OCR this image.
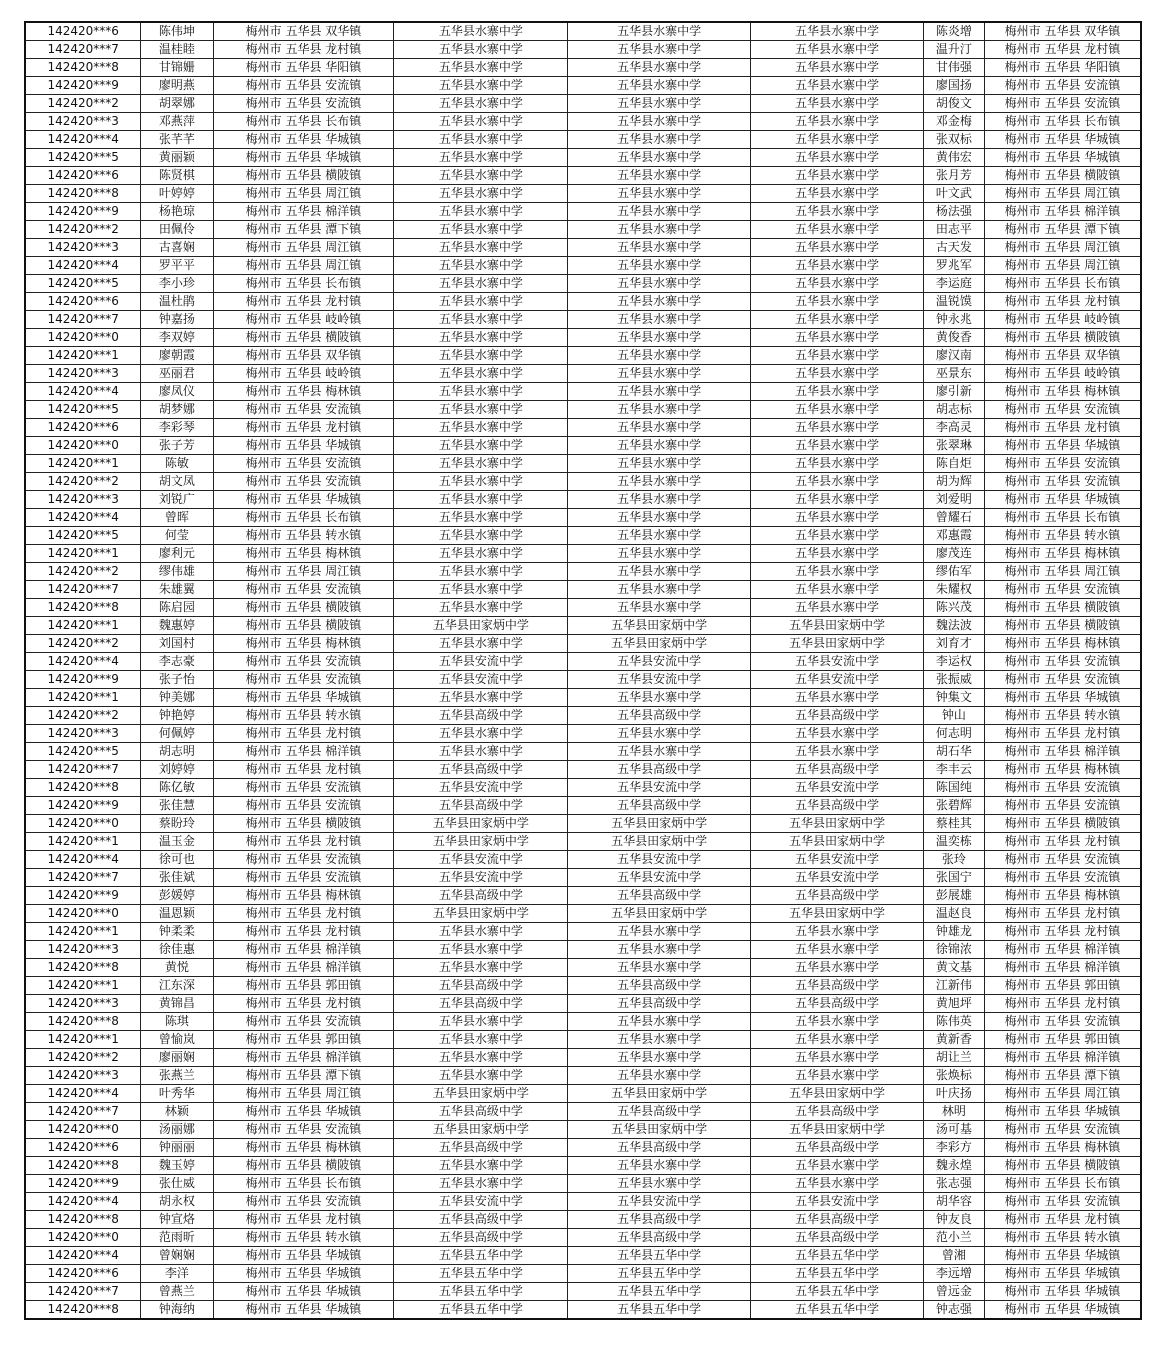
142420***6	陈伟坤	梅州市 五华县 双华镇	五华县水寨中学	五华县水寨中学	五华县水寨中学	陈炎增	梅州市 五华县 双华镇
142420***7	温桂睦	梅州市 五华县 龙村镇	五华县水寨中学	五华县水寨中学	五华县水寨中学	温升汀	梅州市 五华县 龙村镇
142420***8	甘锦姗	梅州市 五华县 华阳镇	五华县水寨中学	五华县水寨中学	五华县水寨中学	甘伟强	梅州市 五华县 华阳镇
142420***9	廖明燕	梅州市 五华县 安流镇	五华县水寨中学	五华县水寨中学	五华县水寨中学	廖国扬	梅州市 五华县 安流镇
142420***2	胡翠娜	梅州市 五华县 安流镇	五华县水寨中学	五华县水寨中学	五华县水寨中学	胡俊文	梅州市 五华县 安流镇
142420***3	邓燕萍	梅州市 五华县 长布镇	五华县水寨中学	五华县水寨中学	五华县水寨中学	邓金梅	梅州市 五华县 长布镇
142420***4	张芊芊	梅州市 五华县 华城镇	五华县水寨中学	五华县水寨中学	五华县水寨中学	张双标	梅州市 五华县 华城镇
142420***5	黄丽颖	梅州市 五华县 华城镇	五华县水寨中学	五华县水寨中学	五华县水寨中学	黄伟宏	梅州市 五华县 华城镇
142420***6	陈贤棋	梅州市 五华县 横陂镇	五华县水寨中学	五华县水寨中学	五华县水寨中学	张月芳	梅州市 五华县 横陂镇
142420***8	叶婷婷	梅州市 五华县 周江镇	五华县水寨中学	五华县水寨中学	五华县水寨中学	叶文武	梅州市 五华县 周江镇
142420***9	杨艳琼	梅州市 五华县 棉洋镇	五华县水寨中学	五华县水寨中学	五华县水寨中学	杨法强	梅州市 五华县 棉洋镇
142420***2	田佩伶	梅州市 五华县 潭下镇	五华县水寨中学	五华县水寨中学	五华县水寨中学	田志平	梅州市 五华县 潭下镇
142420***3	古喜娴	梅州市 五华县 周江镇	五华县水寨中学	五华县水寨中学	五华县水寨中学	古天发	梅州市 五华县 周江镇
142420***4	罗平平	梅州市 五华县 周江镇	五华县水寨中学	五华县水寨中学	五华县水寨中学	罗兆军	梅州市 五华县 周江镇
142420***5	李小珍	梅州市 五华县 长布镇	五华县水寨中学	五华县水寨中学	五华县水寨中学	李运庭	梅州市 五华县 长布镇
142420***6	温杜鹃	梅州市 五华县 龙村镇	五华县水寨中学	五华县水寨中学	五华县水寨中学	温锐馍	梅州市 五华县 龙村镇
142420***7	钟嘉扬	梅州市 五华县 岐岭镇	五华县水寨中学	五华县水寨中学	五华县水寨中学	钟永兆	梅州市 五华县 岐岭镇
142420***0	李双婷	梅州市 五华县 横陂镇	五华县水寨中学	五华县水寨中学	五华县水寨中学	黄俊香	梅州市 五华县 横陂镇
142420***1	廖朝霞	梅州市 五华县 双华镇	五华县水寨中学	五华县水寨中学	五华县水寨中学	廖汉南	梅州市 五华县 双华镇
142420***3	巫丽君	梅州市 五华县 岐岭镇	五华县水寨中学	五华县水寨中学	五华县水寨中学	巫景东	梅州市 五华县 岐岭镇
142420***4	廖凤仪	梅州市 五华县 梅林镇	五华县水寨中学	五华县水寨中学	五华县水寨中学	廖引新	梅州市 五华县 梅林镇
142420***5	胡梦娜	梅州市 五华县 安流镇	五华县水寨中学	五华县水寨中学	五华县水寨中学	胡志标	梅州市 五华县 安流镇
142420***6	李彩琴	梅州市 五华县 龙村镇	五华县水寨中学	五华县水寨中学	五华县水寨中学	李高灵	梅州市 五华县 龙村镇
142420***0	张子芳	梅州市 五华县 华城镇	五华县水寨中学	五华县水寨中学	五华县水寨中学	张翠琳	梅州市 五华县 华城镇
142420***1	陈敏	梅州市 五华县 安流镇	五华县水寨中学	五华县水寨中学	五华县水寨中学	陈自炬	梅州市 五华县 安流镇
142420***2	胡文凤	梅州市 五华县 安流镇	五华县水寨中学	五华县水寨中学	五华县水寨中学	胡为辉	梅州市 五华县 安流镇
142420***3	刘锐广	梅州市 五华县 华城镇	五华县水寨中学	五华县水寨中学	五华县水寨中学	刘爱明	梅州市 五华县 华城镇
142420***4	曾晖	梅州市 五华县 长布镇	五华县水寨中学	五华县水寨中学	五华县水寨中学	曾耀石	梅州市 五华县 长布镇
142420***5	何莹	梅州市 五华县 转水镇	五华县水寨中学	五华县水寨中学	五华县水寨中学	邓惠霞	梅州市 五华县 转水镇
142420***1	廖利元	梅州市 五华县 梅林镇	五华县水寨中学	五华县水寨中学	五华县水寨中学	廖茂连	梅州市 五华县 梅林镇
142420***2	缪伟雄	梅州市 五华县 周江镇	五华县水寨中学	五华县水寨中学	五华县水寨中学	缪佑军	梅州市 五华县 周江镇
142420***7	朱雄翼	梅州市 五华县 安流镇	五华县水寨中学	五华县水寨中学	五华县水寨中学	朱耀权	梅州市 五华县 安流镇
142420***8	陈启园	梅州市 五华县 横陂镇	五华县水寨中学	五华县水寨中学	五华县水寨中学	陈兴茂	梅州市 五华县 横陂镇
142420***1	魏惠婷	梅州市 五华县 横陂镇	五华县田家炳中学	五华县田家炳中学	五华县田家炳中学	魏法波	梅州市 五华县 横陂镇
142420***2	刘国村	梅州市 五华县 梅林镇	五华县水寨中学	五华县田家炳中学	五华县田家炳中学	刘育才	梅州市 五华县 梅林镇
142420***4	李志豪	梅州市 五华县 安流镇	五华县安流中学	五华县安流中学	五华县安流中学	李运权	梅州市 五华县 安流镇
142420***9	张子怡	梅州市 五华县 安流镇	五华县安流中学	五华县安流中学	五华县安流中学	张振威	梅州市 五华县 安流镇
142420***1	钟美娜	梅州市 五华县 华城镇	五华县水寨中学	五华县水寨中学	五华县水寨中学	钟集文	梅州市 五华县 华城镇
142420***2	钟艳婷	梅州市 五华县 转水镇	五华县高级中学	五华县高级中学	五华县高级中学	钟山	梅州市 五华县 转水镇
142420***3	何佩婷	梅州市 五华县 龙村镇	五华县水寨中学	五华县水寨中学	五华县水寨中学	何志明	梅州市 五华县 龙村镇
142420***5	胡志明	梅州市 五华县 棉洋镇	五华县水寨中学	五华县水寨中学	五华县水寨中学	胡石华	梅州市 五华县 棉洋镇
142420***7	刘婷婷	梅州市 五华县 龙村镇	五华县高级中学	五华县高级中学	五华县高级中学	李丰云	梅州市 五华县 梅林镇
142420***8	陈亿敏	梅州市 五华县 安流镇	五华县安流中学	五华县安流中学	五华县安流中学	陈国纯	梅州市 五华县 安流镇
142420***9	张佳慧	梅州市 五华县 安流镇	五华县高级中学	五华县高级中学	五华县高级中学	张碧辉	梅州市 五华县 安流镇
142420***0	蔡盼玲	梅州市 五华县 横陂镇	五华县田家炳中学	五华县田家炳中学	五华县田家炳中学	蔡桂其	梅州市 五华县 横陂镇
142420***1	温玉金	梅州市 五华县 龙村镇	五华县田家炳中学	五华县田家炳中学	五华县田家炳中学	温奕栋	梅州市 五华县 龙村镇
142420***4	徐可也	梅州市 五华县 安流镇	五华县安流中学	五华县安流中学	五华县安流中学	张玲	梅州市 五华县 安流镇
142420***7	张佳斌	梅州市 五华县 安流镇	五华县安流中学	五华县安流中学	五华县安流中学	张国宁	梅州市 五华县 安流镇
142420***9	彭媛婷	梅州市 五华县 梅林镇	五华县高级中学	五华县高级中学	五华县高级中学	彭展雄	梅州市 五华县 梅林镇
142420***0	温恩颖	梅州市 五华县 龙村镇	五华县田家炳中学	五华县田家炳中学	五华县田家炳中学	温赵良	梅州市 五华县 龙村镇
142420***1	钟柔柔	梅州市 五华县 龙村镇	五华县水寨中学	五华县水寨中学	五华县水寨中学	钟雄龙	梅州市 五华县 龙村镇
142420***3	徐佳惠	梅州市 五华县 棉洋镇	五华县水寨中学	五华县水寨中学	五华县水寨中学	徐锦浓	梅州市 五华县 棉洋镇
142420***8	黄悦	梅州市 五华县 棉洋镇	五华县水寨中学	五华县水寨中学	五华县水寨中学	黄文基	梅州市 五华县 棉洋镇
142420***1	江东深	梅州市 五华县 郭田镇	五华县高级中学	五华县高级中学	五华县高级中学	江新伟	梅州市 五华县 郭田镇
142420***3	黄锦昌	梅州市 五华县 龙村镇	五华县高级中学	五华县高级中学	五华县高级中学	黄旭坪	梅州市 五华县 龙村镇
142420***8	陈琪	梅州市 五华县 安流镇	五华县水寨中学	五华县水寨中学	五华县水寨中学	陈伟英	梅州市 五华县 安流镇
142420***1	曾愉岚	梅州市 五华县 郭田镇	五华县水寨中学	五华县水寨中学	五华县水寨中学	黄新香	梅州市 五华县 郭田镇
142420***2	廖丽娴	梅州市 五华县 棉洋镇	五华县水寨中学	五华县水寨中学	五华县水寨中学	胡让兰	梅州市 五华县 棉洋镇
142420***3	张燕兰	梅州市 五华县 潭下镇	五华县水寨中学	五华县水寨中学	五华县水寨中学	张焕标	梅州市 五华县 潭下镇
142420***4	叶秀华	梅州市 五华县 周江镇	五华县田家炳中学	五华县田家炳中学	五华县田家炳中学	叶庆扬	梅州市 五华县 周江镇
142420***7	林颖	梅州市 五华县 华城镇	五华县高级中学	五华县高级中学	五华县高级中学	林明	梅州市 五华县 华城镇
142420***0	汤丽娜	梅州市 五华县 安流镇	五华县田家炳中学	五华县田家炳中学	五华县田家炳中学	汤可基	梅州市 五华县 安流镇
142420***6	钟丽丽	梅州市 五华县 梅林镇	五华县高级中学	五华县高级中学	五华县高级中学	李彩方	梅州市 五华县 梅林镇
142420***8	魏玉婷	梅州市 五华县 横陂镇	五华县水寨中学	五华县水寨中学	五华县水寨中学	魏永煌	梅州市 五华县 横陂镇
142420***9	张仕威	梅州市 五华县 长布镇	五华县水寨中学	五华县水寨中学	五华县水寨中学	张志强	梅州市 五华县 长布镇
142420***4	胡永权	梅州市 五华县 安流镇	五华县安流中学	五华县安流中学	五华县安流中学	胡华容	梅州市 五华县 安流镇
142420***8	钟宣烙	梅州市 五华县 龙村镇	五华县高级中学	五华县高级中学	五华县高级中学	钟友良	梅州市 五华县 龙村镇
142420***0	范雨昕	梅州市 五华县 转水镇	五华县高级中学	五华县高级中学	五华县高级中学	范小兰	梅州市 五华县 转水镇
142420***4	曾娴娴	梅州市 五华县 华城镇	五华县五华中学	五华县五华中学	五华县五华中学	曾湘	梅州市 五华县 华城镇
142420***6	李洋	梅州市 五华县 华城镇	五华县五华中学	五华县五华中学	五华县五华中学	李远增	梅州市 五华县 华城镇
142420***7	曾燕兰	梅州市 五华县 华城镇	五华县五华中学	五华县五华中学	五华县五华中学	曾远金	梅州市 五华县 华城镇
142420***8	钟海纳	梅州市 五华县 华城镇	五华县五华中学	五华县五华中学	五华县五华中学	钟志强	梅州市 五华县 华城镇
